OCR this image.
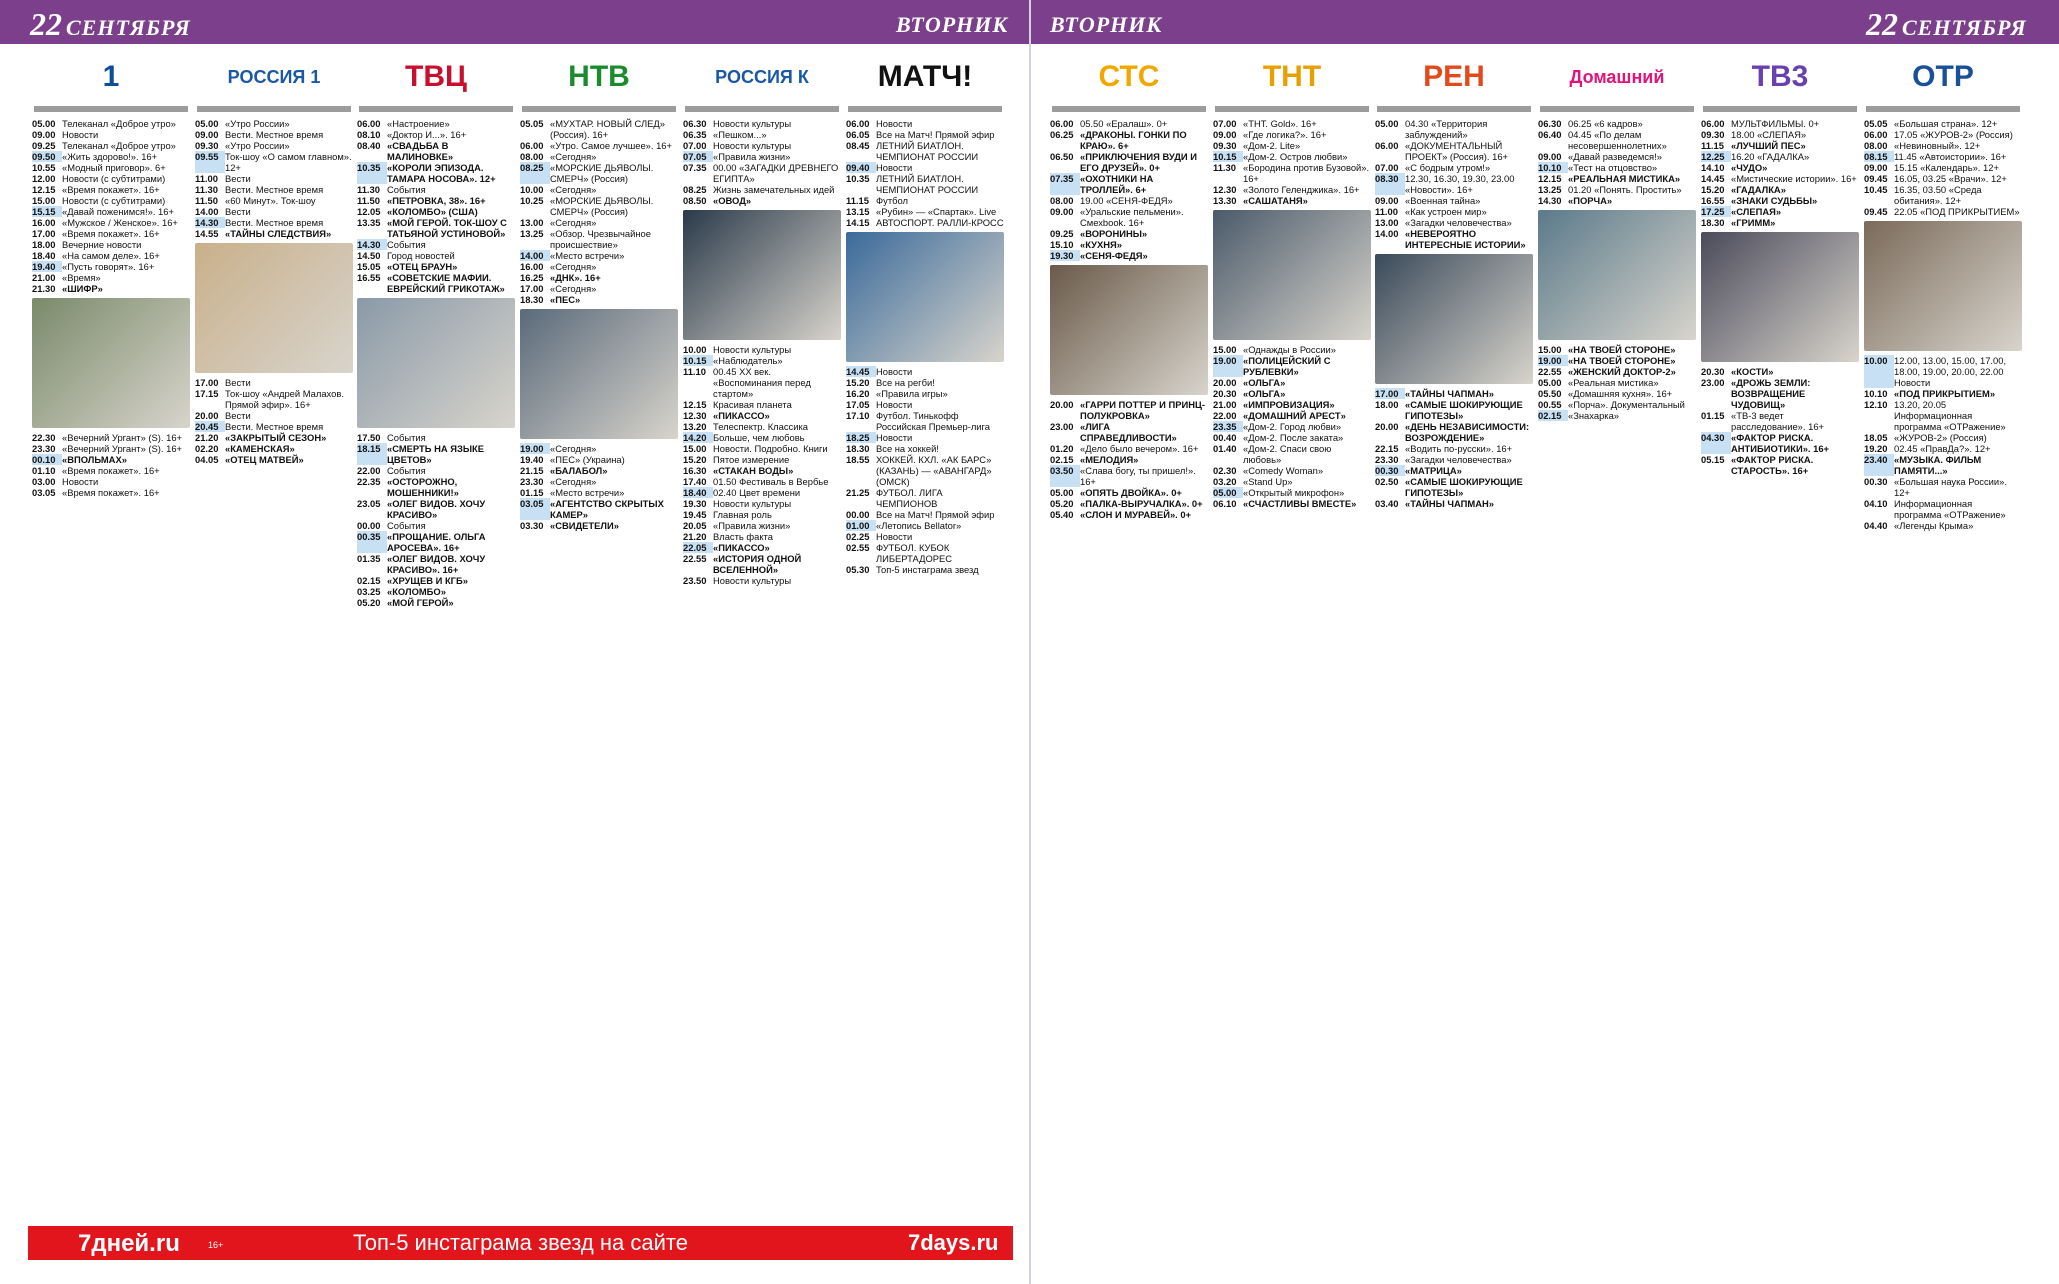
22 СЕНТЯБРЯ	ВТОРНИК ВТОРНИК	22 СЕНТЯБРЯ
1
05.00 Телеканал «Доброе утро»
09.00 Новости
09.25 Телеканал «Доброе утро»
09.50 «Жить здорово!». 16+
10.55 «Модный приговор». 6+
12.00 Новости (с субтитрами)
12.15 «Время покажет». 16+
15.00 Новости (с субтитрами)
15.15 «Давай поженимся!». 16+
16.00 «Мужское / Женское». 16+
17.00 «Время покажет». 16+
18.00 Вечерние новости
18.40 «На самом деле». 16+
19.40 «Пусть говорят». 16+
21.00 «Время»
21.30 «ШИФР»
22.30 «Вечерний Ургант» (S). 16+
23.30 «Вечерний Ургант» (S). 16+
00.10 «ВПОЛЬМАХ»
01.10 «Время покажет». 16+
03.00 Новости
03.05 «Время покажет». 16+
РОССИЯ 1
05.00 «Утро России»
09.00 Вести. Местное время
09.30 «Утро России»
09.55 Ток-шоу «О самом главном». 12+
11.00 Вести
11.30 Вести. Местное время
11.50 «60 Минут». Ток-шоу
14.00 Вести
14.30 Вести. Местное время
14.55 «ТАЙНЫ СЛЕДСТВИЯ»
17.00 Вести
17.15 Ток-шоу «Андрей Малахов. Прямой эфир». 16+
20.00 Вести
20.45 Вести. Местное время
21.20 «ЗАКРЫТЫЙ СЕЗОН»
02.20 «КАМЕНСКАЯ»
04.05 «ОТЕЦ МАТВЕЙ»
ТВЦ
06.00 «Настроение»
08.10 «Доктор И...». 16+
08.40 «СВАДЬБА В МАЛИНОВКЕ»
10.35 «КОРОЛИ ЭПИЗОДА. ТАМАРА НОСОВА». 12+
11.30 События
11.50 «ПЕТРОВКА, 38». 16+
12.05 «КОЛОМБО» (США)
13.35 «МОЙ ГЕРОЙ. ТОК-ШОУ С ТАТЬЯНОЙ УСТИНОВОЙ»
14.30 События
14.50 Город новостей
15.05 «ОТЕЦ БРАУН»
16.55 «СОВЕТСКИЕ МАФИИ. ЕВРЕЙСКИЙ ГРИКОТАЖ»
17.50 События
18.15 «СМЕРТЬ НА ЯЗЫКЕ ЦВЕТОВ»
22.00 События
22.35 «ОСТОРОЖНО, МОШЕННИКИ!»
23.05 «ОЛЕГ ВИДОВ. ХОЧУ КРАСИВО»
00.00 События
00.35 «ПРОЩАНИЕ. ОЛЬГА АРОСЕВА». 16+
01.35 «ОЛЕГ ВИДОВ. ХОЧУ КРАСИВО». 16+
02.15 «ХРУЩЕВ И КГБ»
03.25 «КОЛОМБО»
05.20 «МОЙ ГЕРОЙ»
НТВ
05.05 «МУХТАР. НОВЫЙ СЛЕД» (Россия). 16+
06.00 «Утро. Самое лучшее». 16+
08.00 «Сегодня»
08.25 «МОРСКИЕ ДЬЯВОЛЫ. СМЕРЧ» (Россия)
10.00 «Сегодня»
10.25 «МОРСКИЕ ДЬЯВОЛЫ. СМЕРЧ» (Россия)
13.00 «Сегодня»
13.25 «Обзор. Чрезвычайное происшествие»
14.00 «Место встречи»
16.00 «Сегодня»
16.25 «ДНК». 16+
17.00 «Сегодня»
18.30 «ПЕС»
19.00 «Сегодня»
19.40 «ПЕС» (Украина)
21.15 «БАЛАБОЛ»
23.30 «Сегодня»
01.15 «Место встречи»
03.05 «АГЕНТСТВО СКРЫТЫХ КАМЕР»
03.30 «СВИДЕТЕЛИ»
РОССИЯ К
06.30 Новости культуры
06.35 «Пешком...»
07.00 Новости культуры
07.05 «Правила жизни»
07.35 00.00 «ЗАГАДКИ ДРЕВНЕГО ЕГИПТА»
08.25 Жизнь замечательных идей
08.50 «ОВОД»
10.00 Новости культуры
10.15 «Наблюдатель»
11.10 00.45 ХХ век. «Воспоминания перед стартом»
12.15 Красивая планета
12.30 «ПИКАССО»
13.20 Телеспектр. Классика
14.20 Больше, чем любовь
15.00 Новости. Подробно. Книги
15.20 Пятое измерение
16.30 «СТАКАН ВОДЫ»
17.40 01.50 Фестиваль в Вербье
18.40 02.40 Цвет времени
19.30 Новости культуры
19.45 Главная роль
20.05 «Правила жизни»
21.20 Власть факта
22.05 «ПИКАССО»
22.55 «ИСТОРИЯ ОДНОЙ ВСЕЛЕННОЙ»
23.50 Новости культуры
МАТЧ!
06.00 Новости
06.05 Все на Матч! Прямой эфир
08.45 ЛЕТНИЙ БИАТЛОН. ЧЕМПИОНАТ РОССИИ
09.40 Новости
10.35 ЛЕТНИЙ БИАТЛОН. ЧЕМПИОНАТ РОССИИ
11.15 Футбол
13.15 «Рубин» — «Спартак». Live
14.15 АВТОСПОРТ. РАЛЛИ-КРОСС
14.45 Новости
15.20 Все на регби!
16.20 «Правила игры»
17.05 Новости
17.10 Футбол. Тинькофф Российская Премьер-лига
18.25 Новости
18.30 Все на хоккей!
18.55 ХОККЕЙ. КХЛ. «АК БАРС» (КАЗАНЬ) — «АВАНГАРД» (ОМСК)
21.25 ФУТБОЛ. ЛИГА ЧЕМПИОНОВ
00.00 Все на Матч! Прямой эфир
01.00 «Летопись Bellator»
02.25 Новости
02.55 ФУТБОЛ. КУБОК ЛИБЕРТАДОРЕС
05.30 Топ-5 инстаграма звезд
СТС
06.00 05.50 «Ералаш». 0+
06.25 «ДРАКОНЫ. ГОНКИ ПО КРАЮ». 6+
06.50 «ПРИКЛЮЧЕНИЯ ВУДИ И ЕГО ДРУЗЕЙ». 0+
07.35 «ОХОТНИКИ НА ТРОЛЛЕЙ». 6+
08.00 19.00 «СЕНЯ-ФЕДЯ»
09.00 «Уральские пельмени». Смехbook. 16+
09.25 «ВОРОНИНЫ»
15.10 «КУХНЯ»
19.30 «СЕНЯ-ФЕДЯ»
20.00 «ГАРРИ ПОТТЕР И ПРИНЦ-ПОЛУКРОВКА»
23.00 «ЛИГА СПРАВЕДЛИВОСТИ»
01.20 «Дело было вечером». 16+
02.15 «МЕЛОДИЯ»
03.50 «Слава богу, ты пришел!». 16+
05.00 «ОПЯТЬ ДВОЙКА». 0+
05.20 «ПАЛКА-ВЫРУЧАЛКА». 0+
05.40 «СЛОН И МУРАВЕЙ». 0+
ТНТ
07.00 «ТНТ. Gold». 16+
09.00 «Где логика?». 16+
09.30 «Дом-2. Lite»
10.15 «Дом-2. Остров любви»
11.30 «Бородина против Бузовой». 16+
12.30 «Золото Геленджика». 16+
13.30 «САШАТАНЯ»
15.00 «Однажды в России»
19.00 «ПОЛИЦЕЙСКИЙ С РУБЛЕВКИ»
20.00 «ОЛЬГА»
20.30 «ОЛЬГА»
21.00 «ИМПРОВИЗАЦИЯ»
22.00 «ДОМАШНИЙ АРЕСТ»
23.35 «Дом-2. Город любви»
00.40 «Дом-2. После заката»
01.40 «Дом-2. Спаси свою любовь»
02.30 «Comedy Woman»
03.20 «Stand Up»
05.00 «Открытый микрофон»
06.10 «СЧАСТЛИВЫ ВМЕСТЕ»
РЕН
05.00 04.30 «Территория заблуждений»
06.00 «ДОКУМЕНТАЛЬНЫЙ ПРОЕКТ» (Россия). 16+
07.00 «С бодрым утром!»
08.30 12.30, 16.30, 19.30, 23.00 «Новости». 16+
09.00 «Военная тайна»
11.00 «Как устроен мир»
13.00 «Загадки человечества»
14.00 «НЕВЕРОЯТНО ИНТЕРЕСНЫЕ ИСТОРИИ»
17.00 «ТАЙНЫ ЧАПМАН»
18.00 «САМЫЕ ШОКИРУЮЩИЕ ГИПОТЕЗЫ»
20.00 «ДЕНЬ НЕЗАВИСИМОСТИ: ВОЗРОЖДЕНИЕ»
22.15 «Водить по-русски». 16+
23.30 «Загадки человечества»
00.30 «МАТРИЦА»
02.50 «САМЫЕ ШОКИРУЮЩИЕ ГИПОТЕЗЫ»
03.40 «ТАЙНЫ ЧАПМАН»
Домашний
06.30 06.25 «6 кадров»
06.40 04.45 «По делам несовершеннолетних»
09.00 «Давай разведемся!»
10.10 «Тест на отцовство»
12.15 «РЕАЛЬНАЯ МИСТИКА»
13.25 01.20 «Понять. Простить»
14.30 «ПОРЧА»
15.00 «НА ТВОЕЙ СТОРОНЕ»
19.00 «НА ТВОЕЙ СТОРОНЕ»
22.55 «ЖЕНСКИЙ ДОКТОР-2»
05.00 «Реальная мистика»
05.50 «Домашняя кухня». 16+
00.55 «Порча». Документальный
02.15 «Знахарка»
ТВ3
06.00 МУЛЬТФИЛЬМЫ. 0+
09.30 18.00 «СЛЕПАЯ»
11.15 «ЛУЧШИЙ ПЕС»
12.25 16.20 «ГАДАЛКА»
14.10 «ЧУДО»
14.45 «Мистические истории». 16+
15.20 «ГАДАЛКА»
16.55 «ЗНАКИ СУДЬБЫ»
17.25 «СЛЕПАЯ»
18.30 «ГРИММ»
20.30 «КОСТИ»
23.00 «ДРОЖЬ ЗЕМЛИ: ВОЗВРАЩЕНИЕ ЧУДОВИЩ»
01.15 «ТВ-3 ведет расследование». 16+
04.30 «ФАКТОР РИСКА. АНТИБИОТИКИ». 16+
05.15 «ФАКТОР РИСКА. СТАРОСТЬ». 16+
ОТР
05.05 «Большая страна». 12+
06.00 17.05 «ЖУРОВ-2» (Россия)
08.00 «Невиновный». 12+
08.15 11.45 «Автоистории». 16+
09.00 15.15 «Календарь». 12+
09.45 16.05, 03.25 «Врачи». 12+
10.45 16.35, 03.50 «Среда обитания». 12+
09.45 22.05 «ПОД ПРИКРЫТИЕМ»
10.00 12.00, 13.00, 15.00, 17.00, 18.00, 19.00, 20.00, 22.00 Новости
10.10 «ПОД ПРИКРЫТИЕМ»
12.10 13.20, 20.05 Информационная программа «ОТРажение»
18.05 «ЖУРОВ-2» (Россия)
19.20 02.45 «ПравДа?». 12+
23.40 «МУЗЫКА. ФИЛЬМ ПАМЯТИ...»
00.30 «Большая наука России». 12+
04.10 Информационная программа «ОТРажение»
04.40 «Легенды Крыма»
7дней.ru	16+	Топ-5 инстаграма звезд на сайте	7days.ru
